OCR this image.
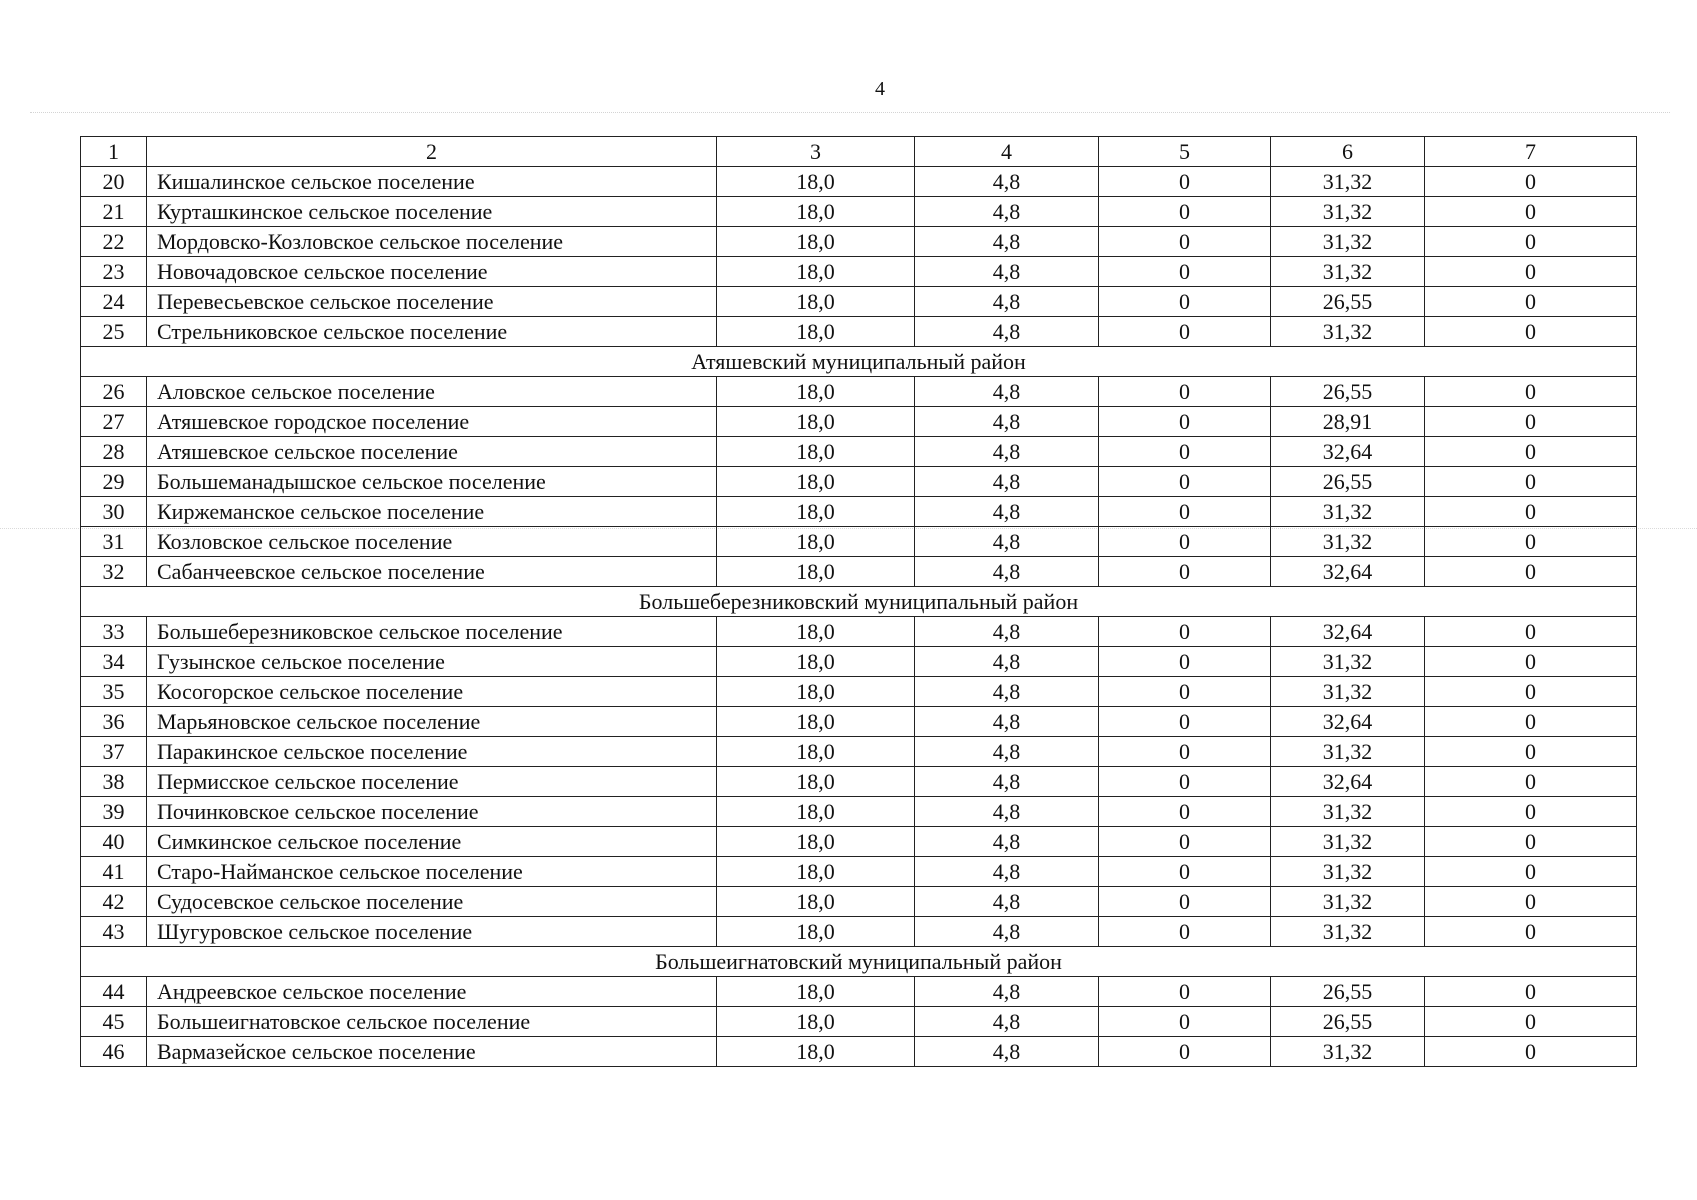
4
1	2	3	4	5	6	7
20	Кишалинское сельское поселение	18,0	4,8	0	31,32	0
21	Курташкинское сельское поселение	18,0	4,8	0	31,32	0
22	Мордовско-Козловское сельское поселение	18,0	4,8	0	31,32	0
23	Новочадовское сельское поселение	18,0	4,8	0	31,32	0
24	Перевесьевское сельское поселение	18,0	4,8	0	26,55	0
25	Стрельниковское сельское поселение	18,0	4,8	0	31,32	0
Атяшевский муниципальный район						
26	Аловское сельское поселение	18,0	4,8	0	26,55	0
27	Атяшевское городское поселение	18,0	4,8	0	28,91	0
28	Атяшевское сельское поселение	18,0	4,8	0	32,64	0
29	Большеманадышское сельское поселение	18,0	4,8	0	26,55	0
30	Киржеманское сельское поселение	18,0	4,8	0	31,32	0
31	Козловское сельское поселение	18,0	4,8	0	31,32	0
32	Сабанчеевское сельское поселение	18,0	4,8	0	32,64	0
Большеберезниковский муниципальный район						
33	Большеберезниковское сельское поселение	18,0	4,8	0	32,64	0
34	Гузынское сельское поселение	18,0	4,8	0	31,32	0
35	Косогорское сельское поселение	18,0	4,8	0	31,32	0
36	Марьяновское сельское поселение	18,0	4,8	0	32,64	0
37	Паракинское сельское поселение	18,0	4,8	0	31,32	0
38	Пермисское сельское поселение	18,0	4,8	0	32,64	0
39	Починковское сельское поселение	18,0	4,8	0	31,32	0
40	Симкинское сельское поселение	18,0	4,8	0	31,32	0
41	Старо-Найманское сельское поселение	18,0	4,8	0	31,32	0
42	Судосевское сельское поселение	18,0	4,8	0	31,32	0
43	Шугуровское сельское поселение	18,0	4,8	0	31,32	0
Большеигнатовский муниципальный район						
44	Андреевское сельское поселение	18,0	4,8	0	26,55	0
45	Большеигнатовское сельское поселение	18,0	4,8	0	26,55	0
46	Вармазейское сельское поселение	18,0	4,8	0	31,32	0
